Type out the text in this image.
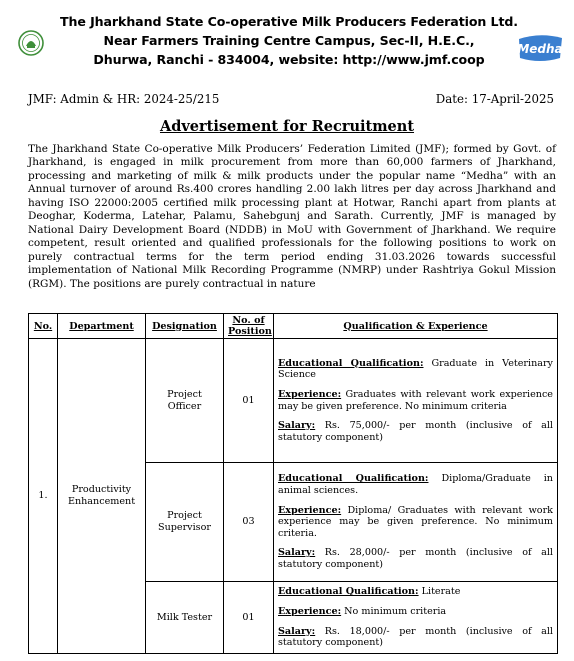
The Jharkhand State Co-operative Milk Producers Federation Ltd.
Near Farmers Training Centre Campus, Sec-II, H.E.C.,
Dhurwa, Ranchi - 834004, website: http://www.jmf.coop
Medha
JMF: Admin & HR: 2024-25/215	Date: 17-April-2025
Advertisement for Recruitment
The Jharkhand State Co-operative Milk Producers’ Federation Limited (JMF); formed by Govt. of Jharkhand, is engaged in milk procurement from more than 60,000 farmers of Jharkhand, processing and marketing of milk & milk products under the popular name “Medha” with an Annual turnover of around Rs.400 crores handling 2.00 lakh litres per day across Jharkhand and having ISO 22000:2005 certified milk processing plant at Hotwar, Ranchi apart from plants at Deoghar, Koderma, Latehar, Palamu, Sahebgunj and Sarath. Currently, JMF is managed by National Dairy Development Board (NDDB) in MoU with Government of Jharkhand. We require competent, result oriented and qualified professionals for the following positions to work on purely contractual terms for the term period ending 31.03.2026 towards successful implementation of National Milk Recording Programme (NMRP) under Rashtriya Gokul Mission (RGM). The positions are purely contractual in nature
No.	Department	Designation	No. of Position	Qualification & Experience
1.	Productivity Enhancement	Project Officer	01	Educational Qualification: Graduate in Veterinary Science
Experience: Graduates with relevant work experience may be given preference. No minimum criteria
Salary: Rs. 75,000/- per month (inclusive of all statutory component)

		Project Supervisor	03	Educational Qualification: Diploma/Graduate in animal sciences.
Experience: Diploma/ Graduates with relevant work experience may be given preference. No minimum criteria.
Salary: Rs. 28,000/- per month (inclusive of all statutory component)

		Milk Tester	01	Educational Qualification: Literate
Experience: No minimum criteria
Salary: Rs. 18,000/- per month (inclusive of all statutory component)
